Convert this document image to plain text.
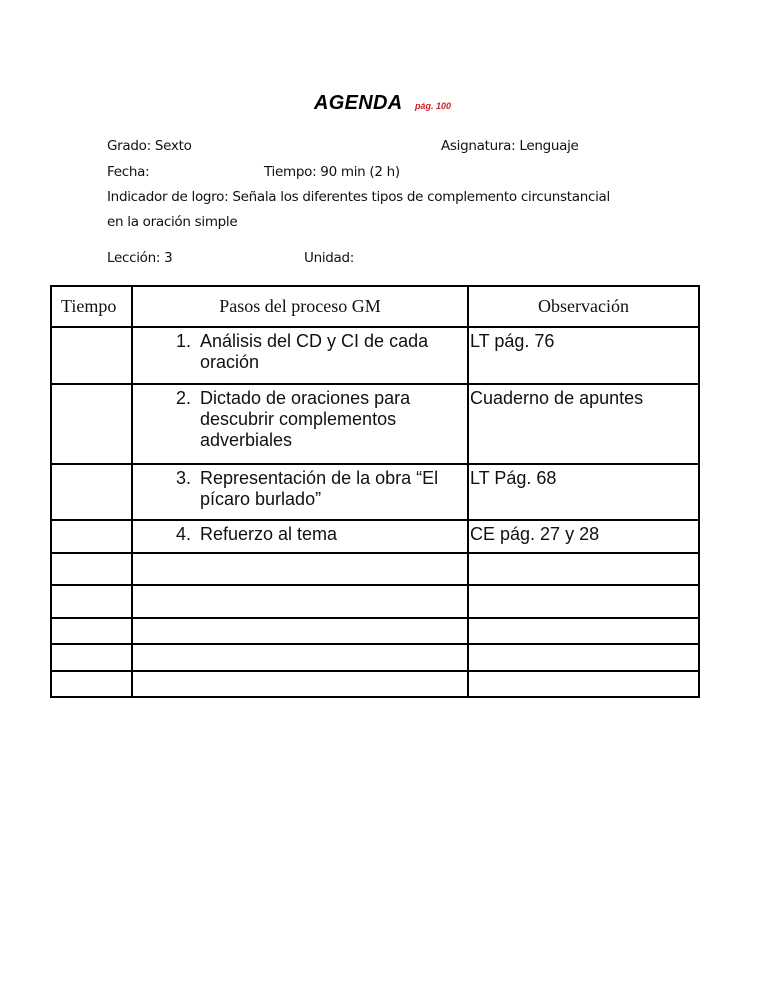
AGENDA pág. 100
Grado: Sexto	Asignatura: Lenguaje
Fecha:	Tiempo: 90 min (2 h)
Indicador de logro: Señala los diferentes tipos de complemento circunstancial
en la oración simple
Lección: 3	Unidad:
Tiempo	Pasos del proceso GM	Observación

	1. Análisis del CD y CI de cada oración	LT pág. 76

	2. Dictado de oraciones para descubrir complementos adverbiales	Cuaderno de apuntes

	3. Representación de la obra “El pícaro burlado”	LT Pág. 68

	4. Refuerzo al tema	CE pág. 27 y 28
